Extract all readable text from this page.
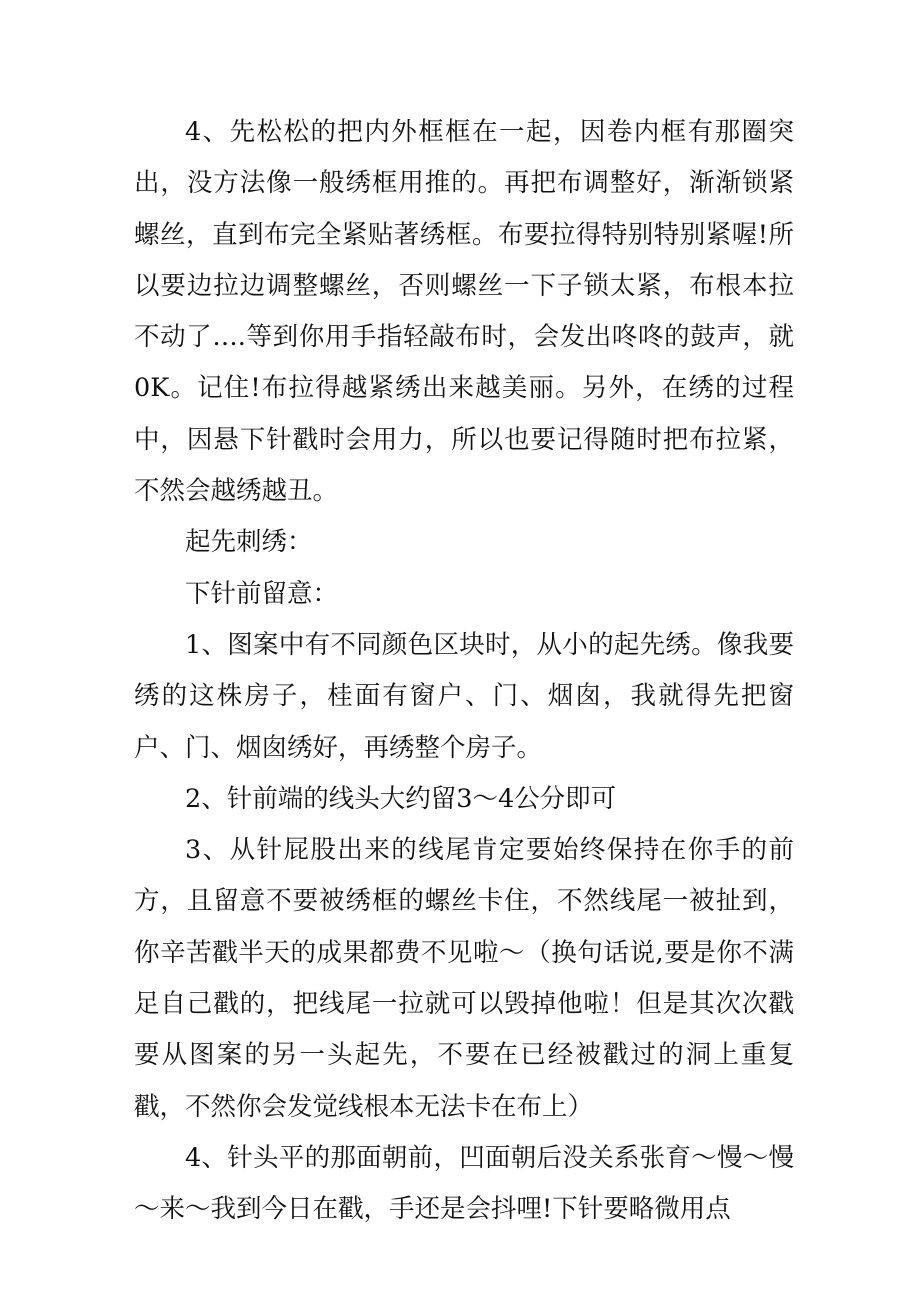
4、先松松的把内外框框在一起，因卷内框有那圈突出，没方法像一般绣框用推的。再把布调整好，渐渐锁紧螺丝，直到布完全紧贴著绣框。布要拉得特别特别紧喔!所以要边拉边调整螺丝，否则螺丝一下子锁太紧，布根本拉不动了….等到你用手指轻敲布时，会发出咚咚的鼓声，就0K。记住!布拉得越紧绣出来越美丽。另外，在绣的过程中，因悬下针戳时会用力，所以也要记得随时把布拉紧，不然会越绣越丑。

起先刺绣：

下针前留意：

1、图案中有不同颜色区块时，从小的起先绣。像我要绣的这株房子，桂面有窗户、门、烟囱，我就得先把窗户、门、烟囱绣好，再绣整个房子。

2、针前端的线头大约留3～4公分即可

3、从针屁股出来的线尾肯定要始终保持在你手的前方，且留意不要被绣框的螺丝卡住，不然线尾一被扯到，你辛苦戳半天的成果都费不见啦～（换句话说,要是你不满足自己戳的，把线尾一拉就可以毁掉他啦！但是其次次戳要从图案的另一头起先，不要在已经被戳过的洞上重复戳，不然你会发觉线根本无法卡在布上）

4、针头平的那面朝前，凹面朝后没关系张育～慢～慢～来～我到今日在戳，手还是会抖哩!下针要略微用点
